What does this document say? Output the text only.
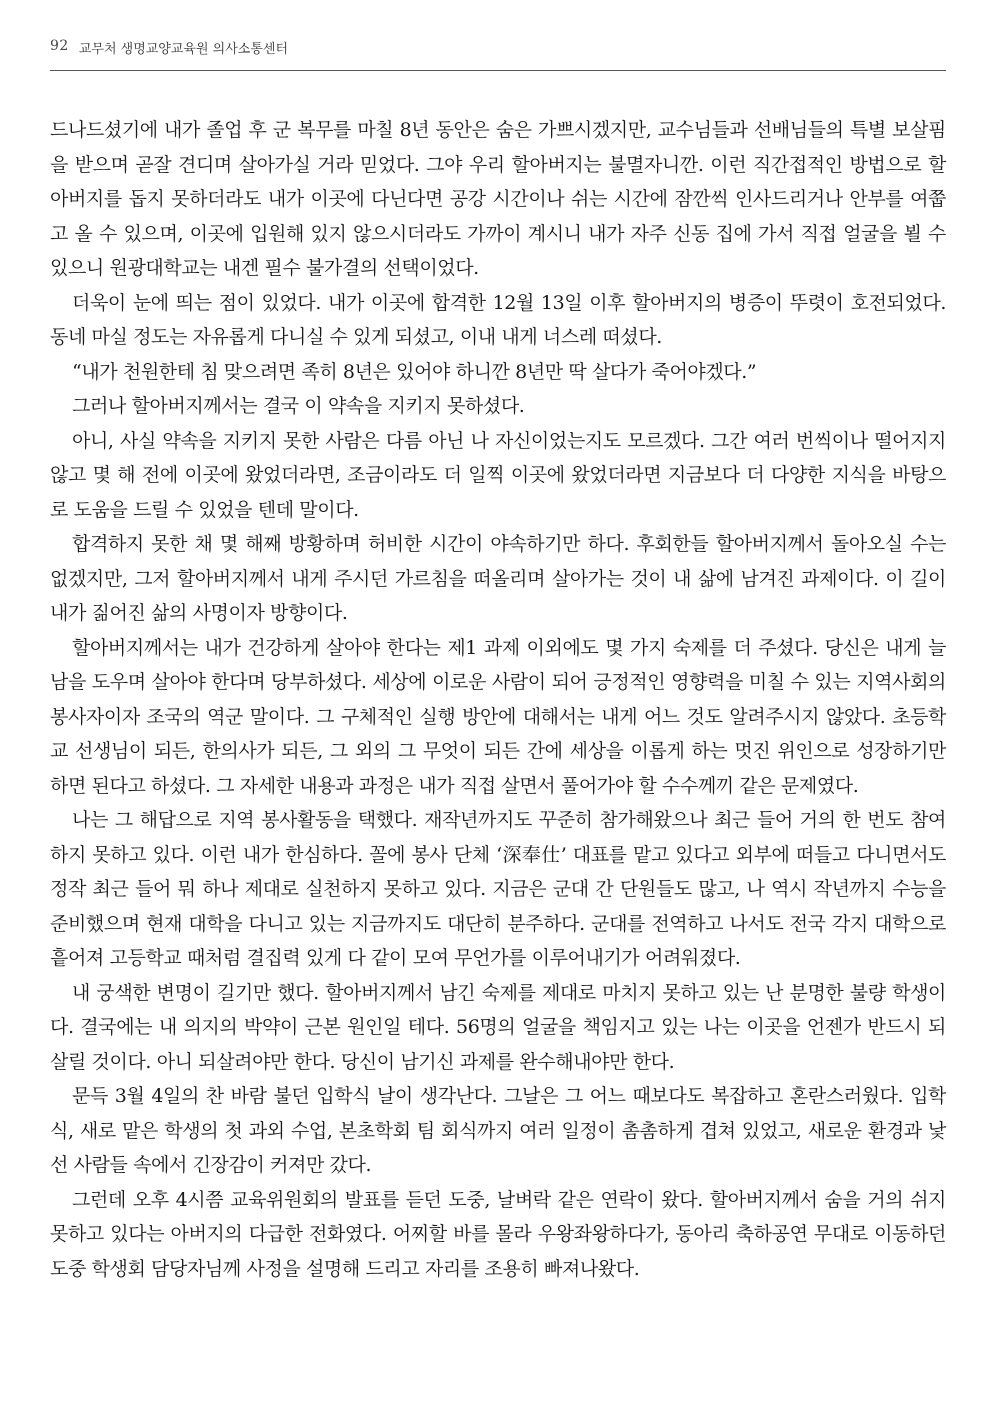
92 교무처 생명교양교육원 의사소통센터

드나드셨기에 내가 졸업 후 군 복무를 마칠 8년 동안은 숨은 가쁘시겠지만, 교수님들과 선배님들의 특별 보살핌을 받으며 곧잘 견디며 살아가실 거라 믿었다. 그야 우리 할아버지는 불멸자니깐. 이런 직간접적인 방법으로 할아버지를 돕지 못하더라도 내가 이곳에 다닌다면 공강 시간이나 쉬는 시간에 잠깐씩 인사드리거나 안부를 여쭙고 올 수 있으며, 이곳에 입원해 있지 않으시더라도 가까이 계시니 내가 자주 신동 집에 가서 직접 얼굴을 뵐 수 있으니 원광대학교는 내겐 필수 불가결의 선택이었다.

더욱이 눈에 띄는 점이 있었다. 내가 이곳에 합격한 12월 13일 이후 할아버지의 병증이 뚜렷이 호전되었다. 동네 마실 정도는 자유롭게 다니실 수 있게 되셨고, 이내 내게 너스레 떠셨다.

“내가 천원한테 침 맞으려면 족히 8년은 있어야 하니깐 8년만 딱 살다가 죽어야겠다.”

그러나 할아버지께서는 결국 이 약속을 지키지 못하셨다.

아니, 사실 약속을 지키지 못한 사람은 다름 아닌 나 자신이었는지도 모르겠다. 그간 여러 번씩이나 떨어지지 않고 몇 해 전에 이곳에 왔었더라면, 조금이라도 더 일찍 이곳에 왔었더라면 지금보다 더 다양한 지식을 바탕으로 도움을 드릴 수 있었을 텐데 말이다.

합격하지 못한 채 몇 해째 방황하며 허비한 시간이 야속하기만 하다. 후회한들 할아버지께서 돌아오실 수는 없겠지만, 그저 할아버지께서 내게 주시던 가르침을 떠올리며 살아가는 것이 내 삶에 남겨진 과제이다. 이 길이 내가 짊어진 삶의 사명이자 방향이다.

할아버지께서는 내가 건강하게 살아야 한다는 제1 과제 이외에도 몇 가지 숙제를 더 주셨다. 당신은 내게 늘 남을 도우며 살아야 한다며 당부하셨다. 세상에 이로운 사람이 되어 긍정적인 영향력을 미칠 수 있는 지역사회의 봉사자이자 조국의 역군 말이다. 그 구체적인 실행 방안에 대해서는 내게 어느 것도 알려주시지 않았다. 초등학교 선생님이 되든, 한의사가 되든, 그 외의 그 무엇이 되든 간에 세상을 이롭게 하는 멋진 위인으로 성장하기만 하면 된다고 하셨다. 그 자세한 내용과 과정은 내가 직접 살면서 풀어가야 할 수수께끼 같은 문제였다.

나는 그 해답으로 지역 봉사활동을 택했다. 재작년까지도 꾸준히 참가해왔으나 최근 들어 거의 한 번도 참여하지 못하고 있다. 이런 내가 한심하다. 꼴에 봉사 단체 ‘深奉仕’ 대표를 맡고 있다고 외부에 떠들고 다니면서도 정작 최근 들어 뭐 하나 제대로 실천하지 못하고 있다. 지금은 군대 간 단원들도 많고, 나 역시 작년까지 수능을 준비했으며 현재 대학을 다니고 있는 지금까지도 대단히 분주하다. 군대를 전역하고 나서도 전국 각지 대학으로 흩어져 고등학교 때처럼 결집력 있게 다 같이 모여 무언가를 이루어내기가 어려워졌다.

내 궁색한 변명이 길기만 했다. 할아버지께서 남긴 숙제를 제대로 마치지 못하고 있는 난 분명한 불량 학생이다. 결국에는 내 의지의 박약이 근본 원인일 테다. 56명의 얼굴을 책임지고 있는 나는 이곳을 언젠가 반드시 되살릴 것이다. 아니 되살려야만 한다. 당신이 남기신 과제를 완수해내야만 한다.

문득 3월 4일의 찬 바람 불던 입학식 날이 생각난다. 그날은 그 어느 때보다도 복잡하고 혼란스러웠다. 입학식, 새로 맡은 학생의 첫 과외 수업, 본초학회 팀 회식까지 여러 일정이 촘촘하게 겹쳐 있었고, 새로운 환경과 낯선 사람들 속에서 긴장감이 커져만 갔다.

그런데 오후 4시쯤 교육위원회의 발표를 듣던 도중, 날벼락 같은 연락이 왔다. 할아버지께서 숨을 거의 쉬지 못하고 있다는 아버지의 다급한 전화였다. 어찌할 바를 몰라 우왕좌왕하다가, 동아리 축하공연 무대로 이동하던 도중 학생회 담당자님께 사정을 설명해 드리고 자리를 조용히 빠져나왔다.
